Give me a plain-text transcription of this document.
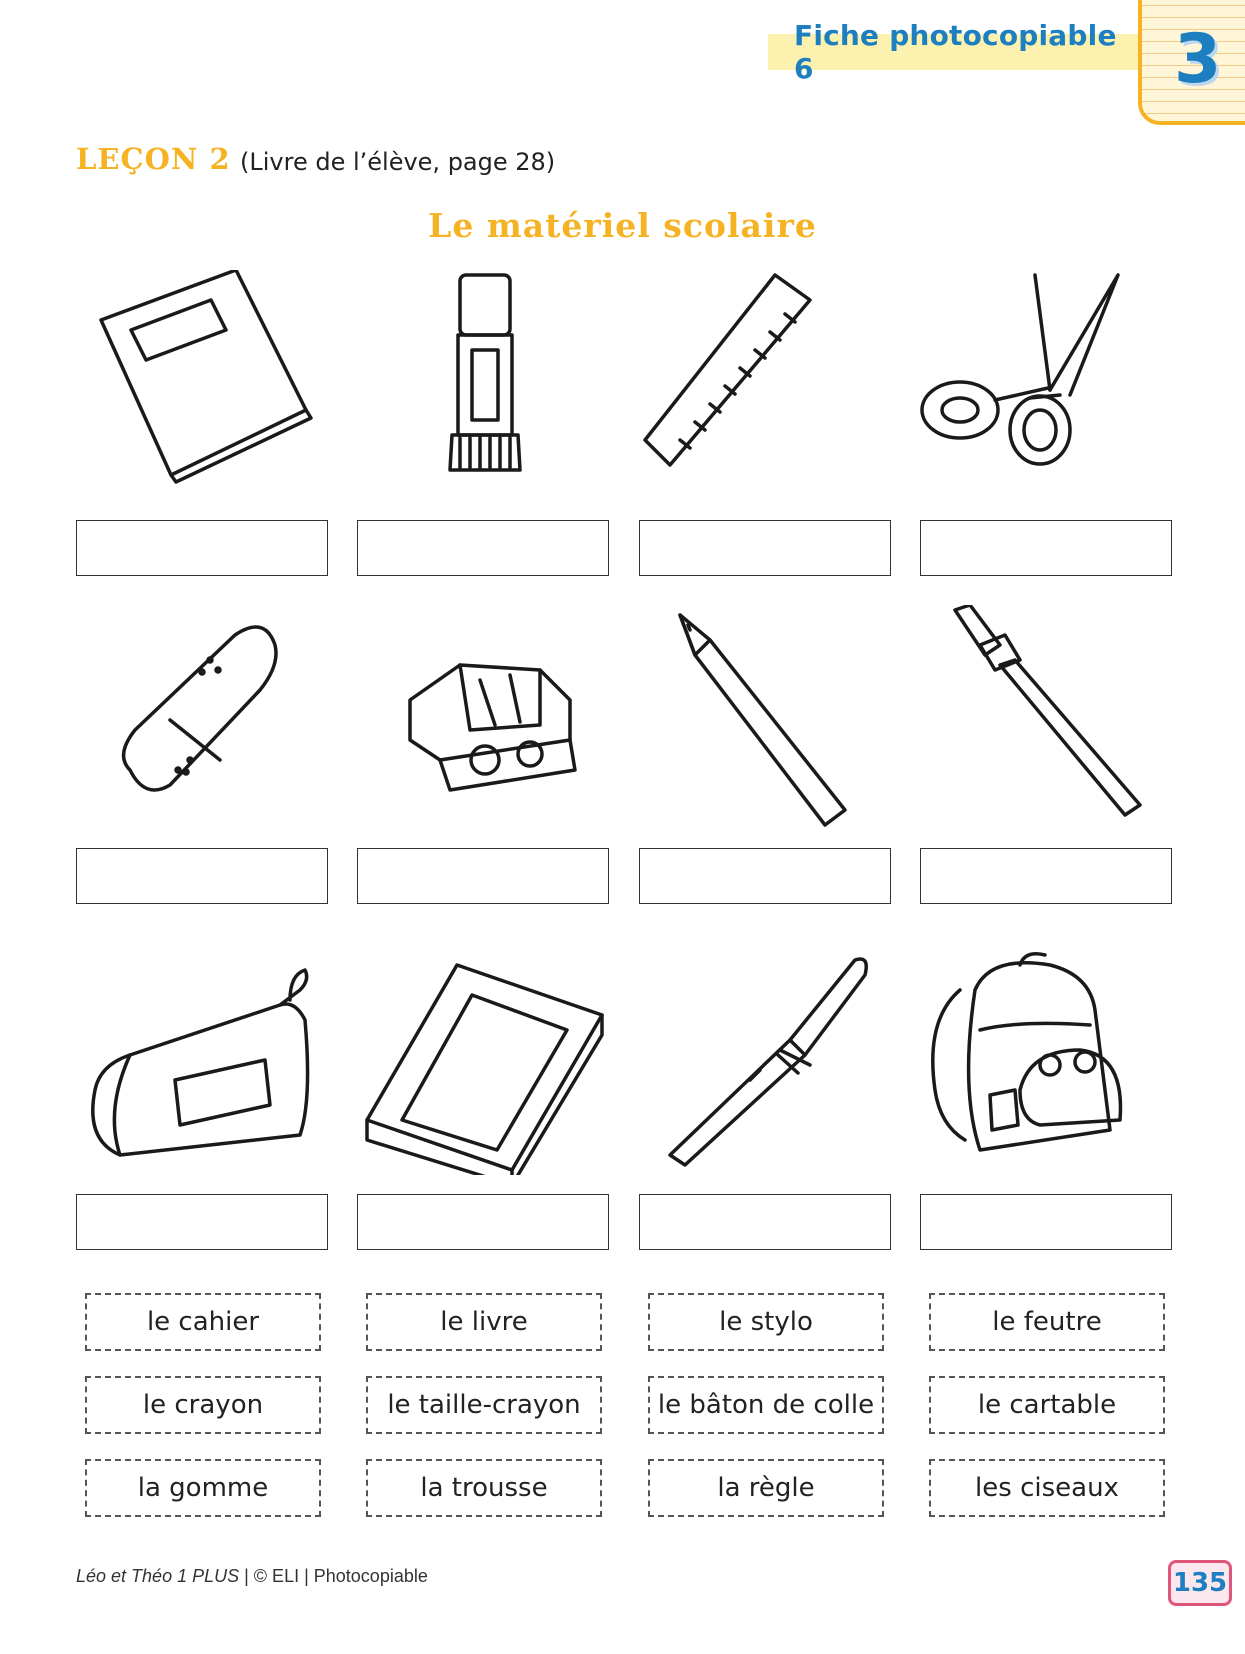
Fiche photocopiable 6	3
LEÇON 2 (Livre de l’élève, page 28)
Le matériel scolaire
le cahier	le livre	le stylo	le feutre
le crayon	le taille-crayon	le bâton de colle	le cartable
la gomme	la trousse	la règle	les ciseaux
Léo et Théo 1 PLUS | © ELI | Photocopiable	135
